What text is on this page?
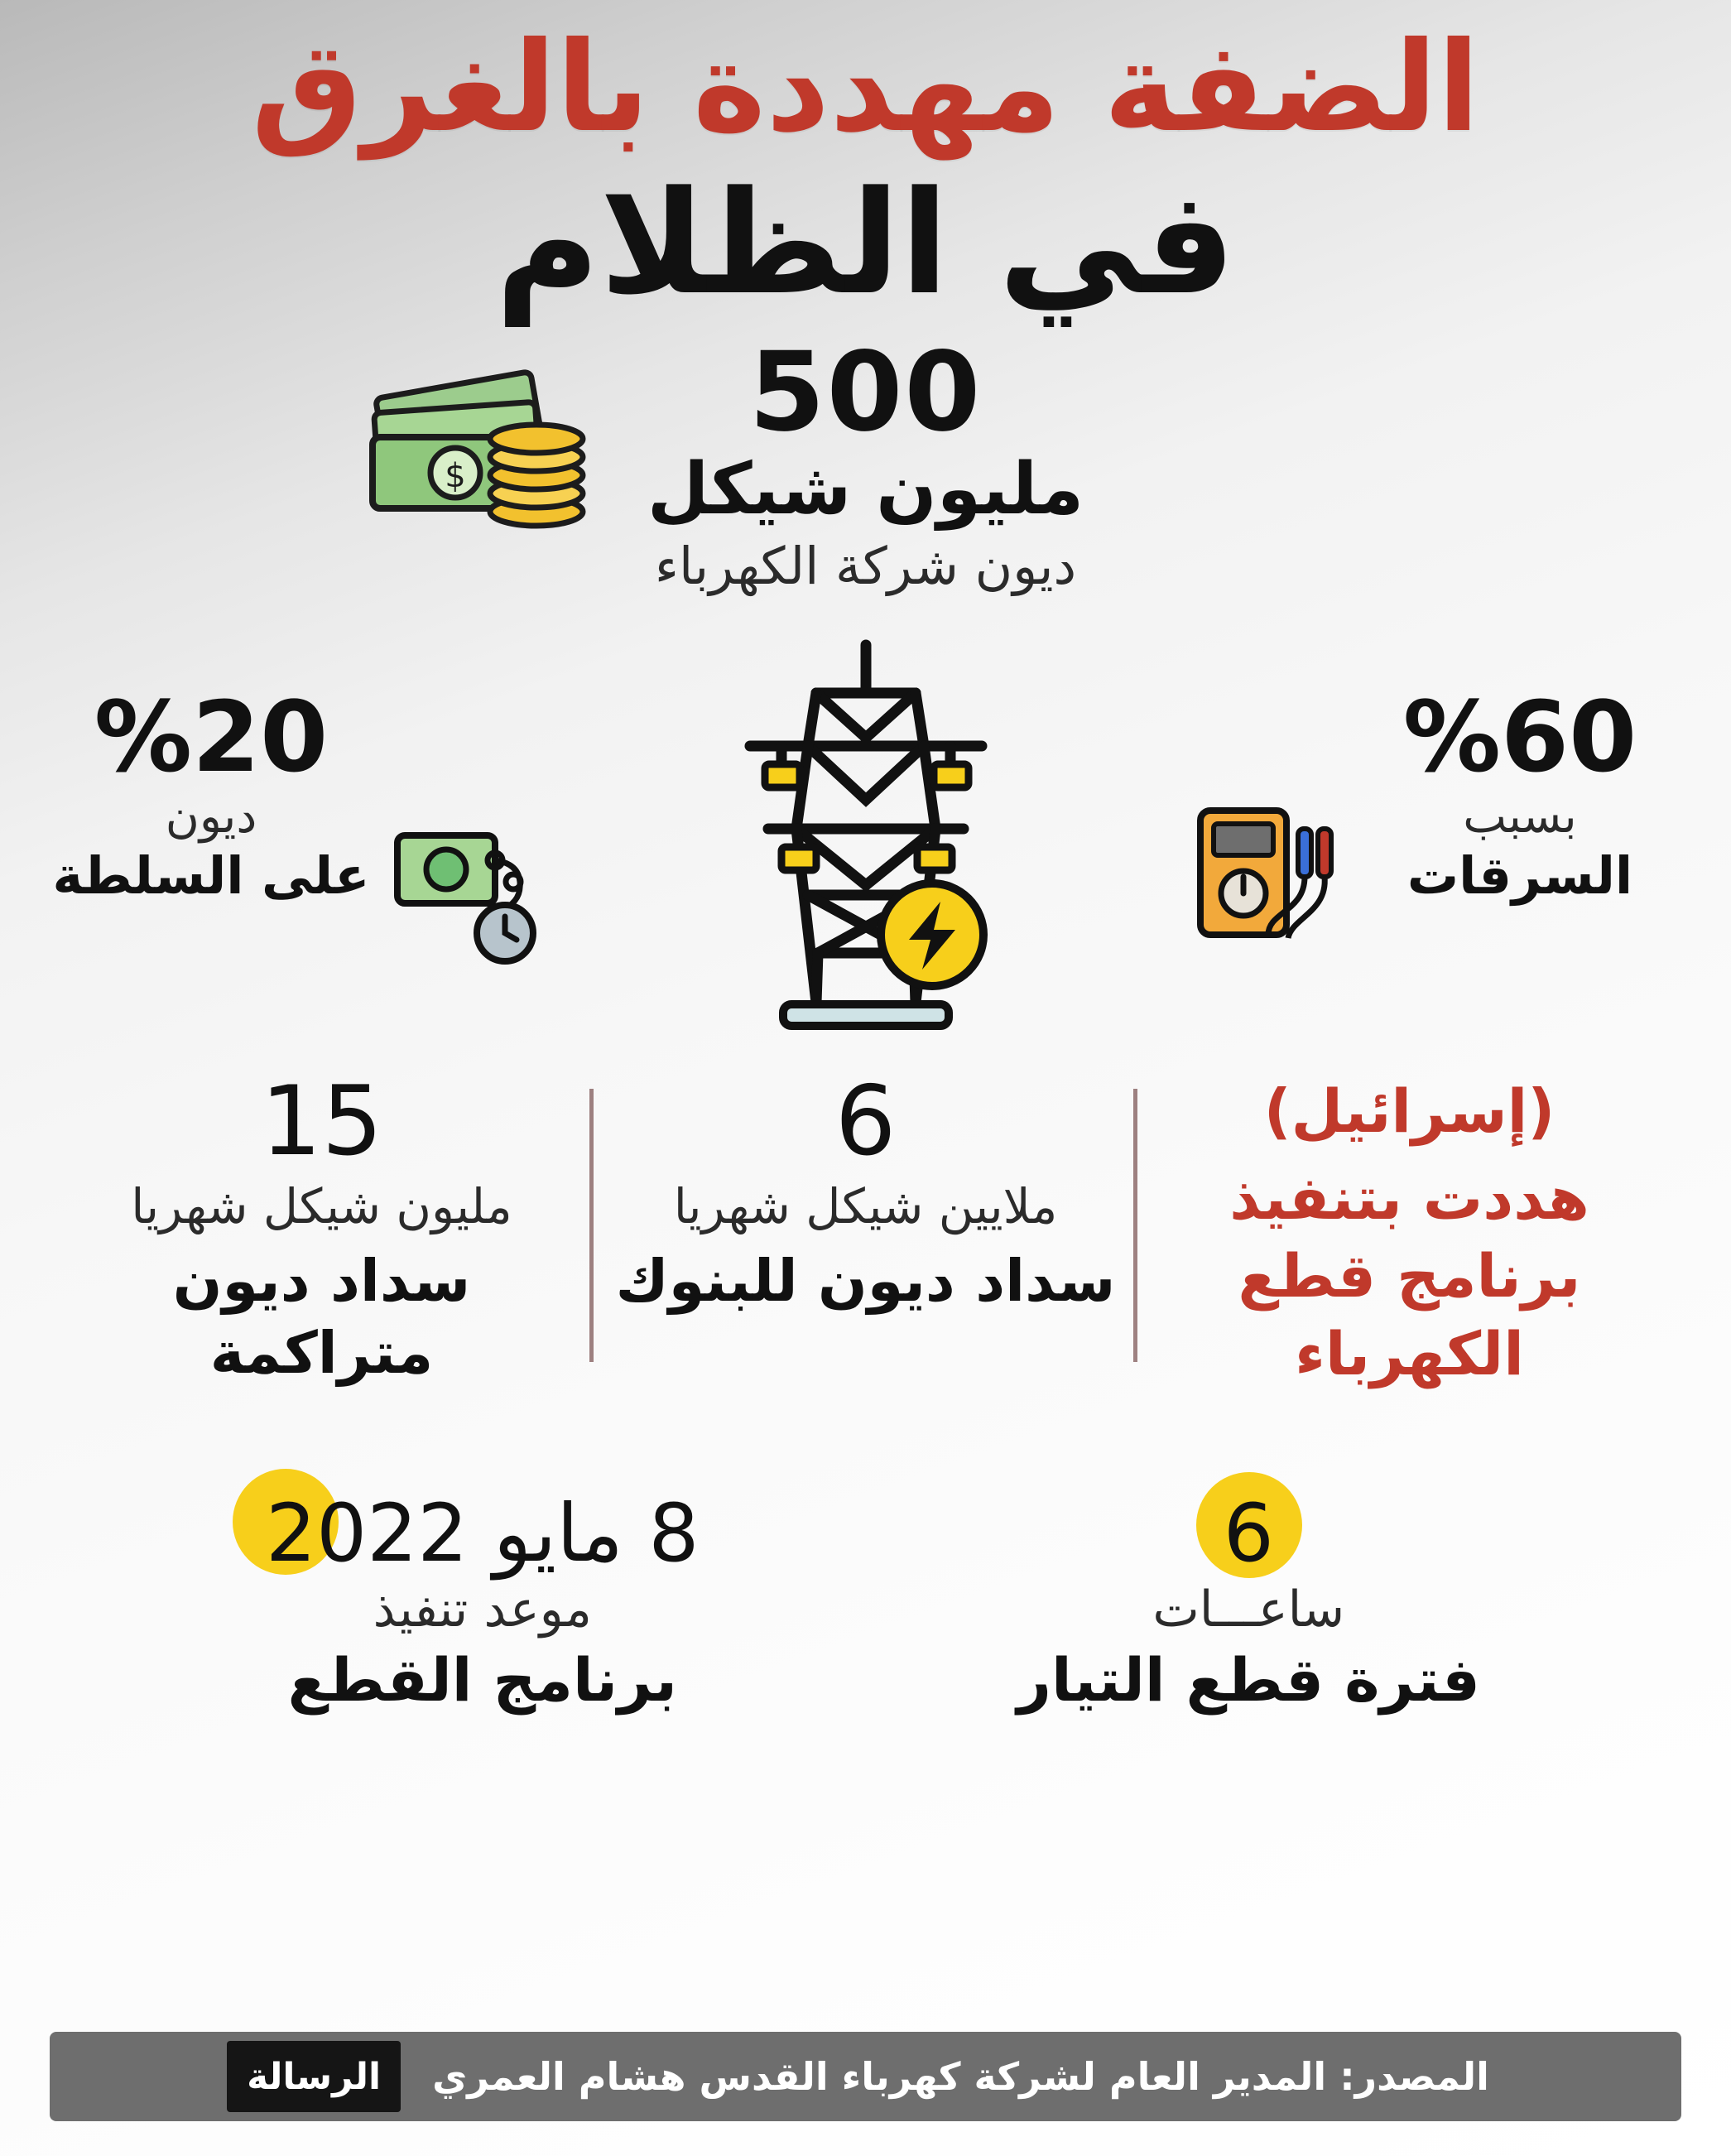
الضفة مهددة بالغرق
في الظلام
$
500
مليون شيكل
ديون شركة الكهرباء
%60
بسبب
السرقات
%20
ديون
على السلطة
(إسرائيل)
هددت بتنفيذ برنامج قطع الكهرباء
6
ملايين شيكل شهريا
سداد ديون للبنوك
15
مليون شيكل شهريا
سداد ديون متراكمة
6
ساعـــات
فترة قطع التيار
8 مايو 2022
موعد تنفيذ
برنامج القطع
المصدر: المدير العام لشركة كهرباء القدس هشام العمري
الرسالة
